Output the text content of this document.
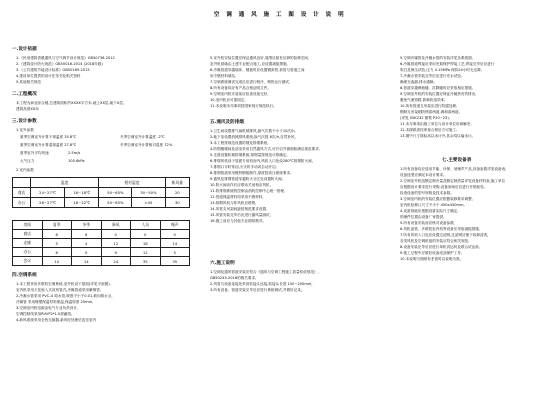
空 调 通 风 施 工 图 设 计 说 明
一.设计依据
1.《民用建筑供暖通风与空气调节设计规范》GB50736-2012
2.《建筑设计防火规范》GB50016-2014 (2018年版)
3.《公共建筑节能设计标准》GB50189-2015
4.建设单位提供的设计任务书及相关资料
5.其他相关规范
二.工程概况
本工程为商业综合楼,总建筑面积约XXXX平方米,地上XX层,地下X层,
建筑高度XX米
三.设计参数
1.室外参数
夏季空调室外计算干球温度 35.8℃	冬季空调室外计算温度 -2℃
夏季空调室外计算湿球温度 27.8℃	冬季空调室外计算相对湿度 72%
夏季室外平均风速	2.5m/s
大气压力	100.6kPa
2.室内参数
	温度		相对湿度		新风量
商店	24~27℃	16~18℃	50~65%	30~50%	20
办公	26~27℃	18~22℃	50~65%	>45	30
房间	夏季	冬季	新风	人员	噪声
商店	8	6	0	0	0
走廊	5	4	12	18	14
办公	6	0	9	12	5
会议	10	14	24	35	35
四.空调系统
1.本工程采用多联机空调系统,室外机设于屋面(详见平面图),
室内机采用天花嵌入式或风管式,冷媒管道采用紫铜管,
2.冷凝水管采用 PVC-U 给水管,坡度不小于0.01,坡向排水点,
冷媒管 采用橡塑保温材料保温,保温厚度 25mm,
3.空调室内机电源由电气专业负责设计,
空调控制线采用RVVP2*1.0屏蔽线,
4.新风系统采用全热交换器,新风经处理后送至室内
5.室外机安装位置应保证通风良好,周围应留有足够的检修空间,
室外机基础由土建专业配合施工,应设置减振措施,
6.冷媒管道穿越墙体、楼板时应设置钢套管,套管与管道之间
用不燃材料填实,
7.空调系统调试完成后应进行制冷、制热运行测试,
8.所有设备均应有产品合格证明文件。
9.空调室内机安装前应检查设备完好,
10.室内机应可靠固定,
11.本说明未尽事项按国家现行规范执行。
五.通风及防排烟
1.卫生间设置排气扇机械排风,换气次数不小于10次/h,
2.地下室设置机械排风系统,换气次数 6次/h,自然补风,
3.本工程按规范设置防烟及排烟系统,
4.防烟楼梯间及前室采用自然通风方式,可开启外窗面积满足规范要求,
5.走道设置机械排烟系统,排烟量按规范计算确定,
6.排烟风机设于屋面专用机房内,风机入口处设280℃排烟防火阀,
7.排烟口平时常闭,火灾时手动或自动开启,
8.排烟管道采用镀锌钢板制作,厚度按高压系统要求,
9.通风及排烟管道穿越防火分区处设置防火阀,
10.防火阀动作后应联动关闭相应风机,
11.防排烟系统的控制由消防控制中心统一管理,
12.管道保温材料均采用不燃材料,
13.排烟风机与补风机应联锁,
14.风管支吊架间距按规范要求设置,
15.风管安装完毕后应进行漏风量测试,
16.施工前应与其他专业图纸核对。
六.施工说明
1.空调及通风管道安装应符合《通风与空调工程施工质量验收规范》,
GB50243-2016的相关要求,
2.风管与设备连接处采用软接头连接,软接头长度 150~200mm,
3.所有设备、管道安装完毕后应进行系统调试,并做好记录。
5.空调冷媒管及冷凝水管的安装详见各系统图,
6.冷媒管道焊接应采用充氮保护焊接工艺,焊接完毕后应进行
吹扫及保压试验,压力 4.15MPa 保持24小时无压降,
7.冷凝水管安装完毕后应进行充水试验,
确保无渗漏,排水通畅,
8.管道穿越伸缩缝、沉降缝时应采取相应措施,
9.空调室外机的安装位置应保证冷凝热有效排出,
避免气流短路,影响机组效率,
10.所有管道支吊架应进行防腐处理,
钢制支吊架刷防锈漆两道,调和漆两道,
(详见 05K232 图集 P20~23),
11.未尽事项由施工单位与设计单位协商解决,
12.本图纸须经审查合格后方可施工,
13.图中尺寸除标高以米计外,其余均以毫米计。
七.主要设备表
1.所有设备均应选用节能、环保、低噪声产品,设备参数详见设备表,
设备选型应满足本设计要求。
2.空调室外机组额定制冷量及额定制热量详见设备材料表,施工单位
应根据设计要求进行采购,设备到场后应进行开箱检验,
检查设备的型号规格及技术参数。
3.空调室内机的安装位置应根据装修要求调整,
室内机检修口尺寸不小于 450x450mm,
4.设备基础应根据设备实际尺寸确定,
预埋件位置由设备厂家提供,
5.所有设备安装前应核对设备参数,
6.风机盘管、多联机室内机等设备应采取减振措施,
7.所有风机入口处应设置过滤网,过滤网应便于拆卸清洗,
各类风机及空调机组的安装应符合相关规范,
8.设备安装完毕后应进行单机试运转及联合试运转,
9.施工过程中应做好设备成品保护工作,
10.本说明与图纸有矛盾时以说明为准。
